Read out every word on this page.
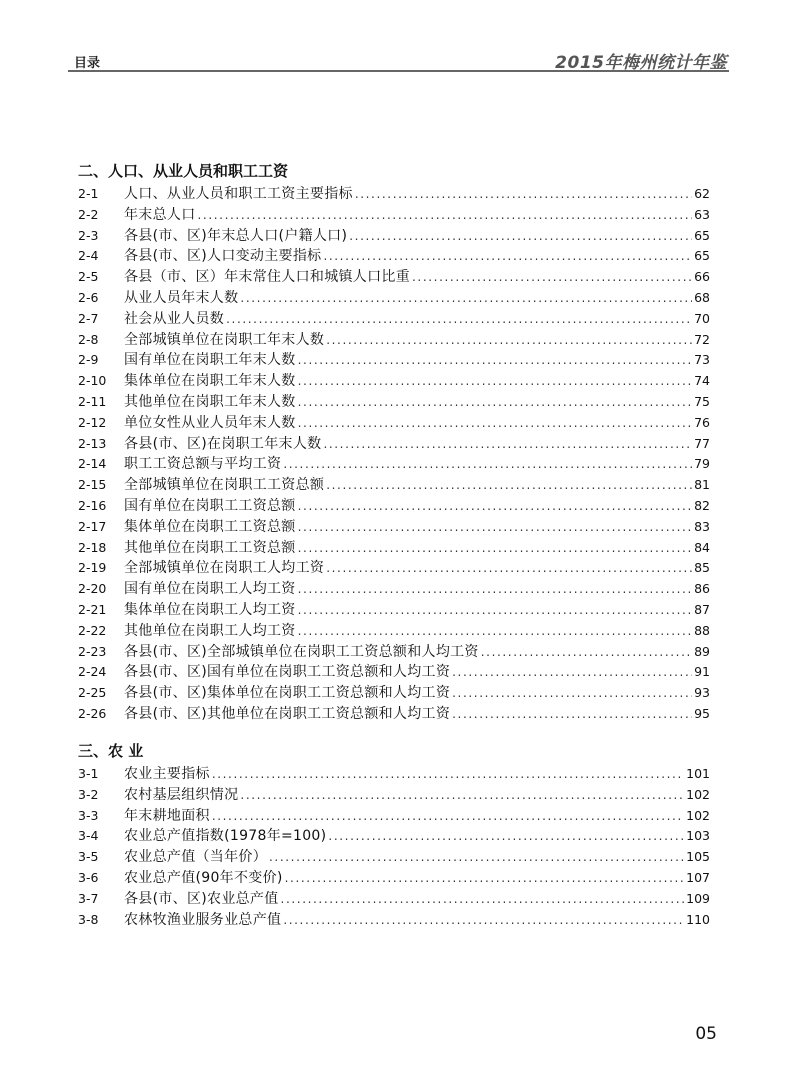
目录	2015年梅州统计年鉴
二、人口、从业人员和职工工资
2-1	人口、从业人员和职工工资主要指标 .....	62
2-2	年末总人口 .....	63
2-3	各县(市、区)年末总人口(户籍人口) .....	65
2-4	各县(市、区)人口变动主要指标 .....	65
2-5	各县（市、区）年末常住人口和城镇人口比重 .....	66
2-6	从业人员年末人数 .....	68
2-7	社会从业人员数 .....	70
2-8	全部城镇单位在岗职工年末人数 .....	72
2-9	国有单位在岗职工年末人数 .....	73
2-10	集体单位在岗职工年末人数 .....	74
2-11	其他单位在岗职工年末人数 .....	75
2-12	单位女性从业人员年末人数 .....	76
2-13	各县(市、区)在岗职工年末人数 .....	77
2-14	职工工资总额与平均工资 .....	79
2-15	全部城镇单位在岗职工工资总额 .....	81
2-16	国有单位在岗职工工资总额 .....	82
2-17	集体单位在岗职工工资总额 .....	83
2-18	其他单位在岗职工工资总额 .....	84
2-19	全部城镇单位在岗职工人均工资 .....	85
2-20	国有单位在岗职工人均工资 .....	86
2-21	集体单位在岗职工人均工资 .....	87
2-22	其他单位在岗职工人均工资 .....	88
2-23	各县(市、区)全部城镇单位在岗职工工资总额和人均工资 .....	89
2-24	各县(市、区)国有单位在岗职工工资总额和人均工资 .....	91
2-25	各县(市、区)集体单位在岗职工工资总额和人均工资 .....	93
2-26	各县(市、区)其他单位在岗职工工资总额和人均工资 .....	95
三、农 业
3-1	农业主要指标 .....	101
3-2	农村基层组织情况 .....	102
3-3	年末耕地面积 .....	102
3-4	农业总产值指数(1978年=100) .....	103
3-5	农业总产值（当年价） .....	105
3-6	农业总产值(90年不变价) .....	107
3-7	各县(市、区)农业总产值 .....	109
3-8	农林牧渔业服务业总产值 .....	110
05
